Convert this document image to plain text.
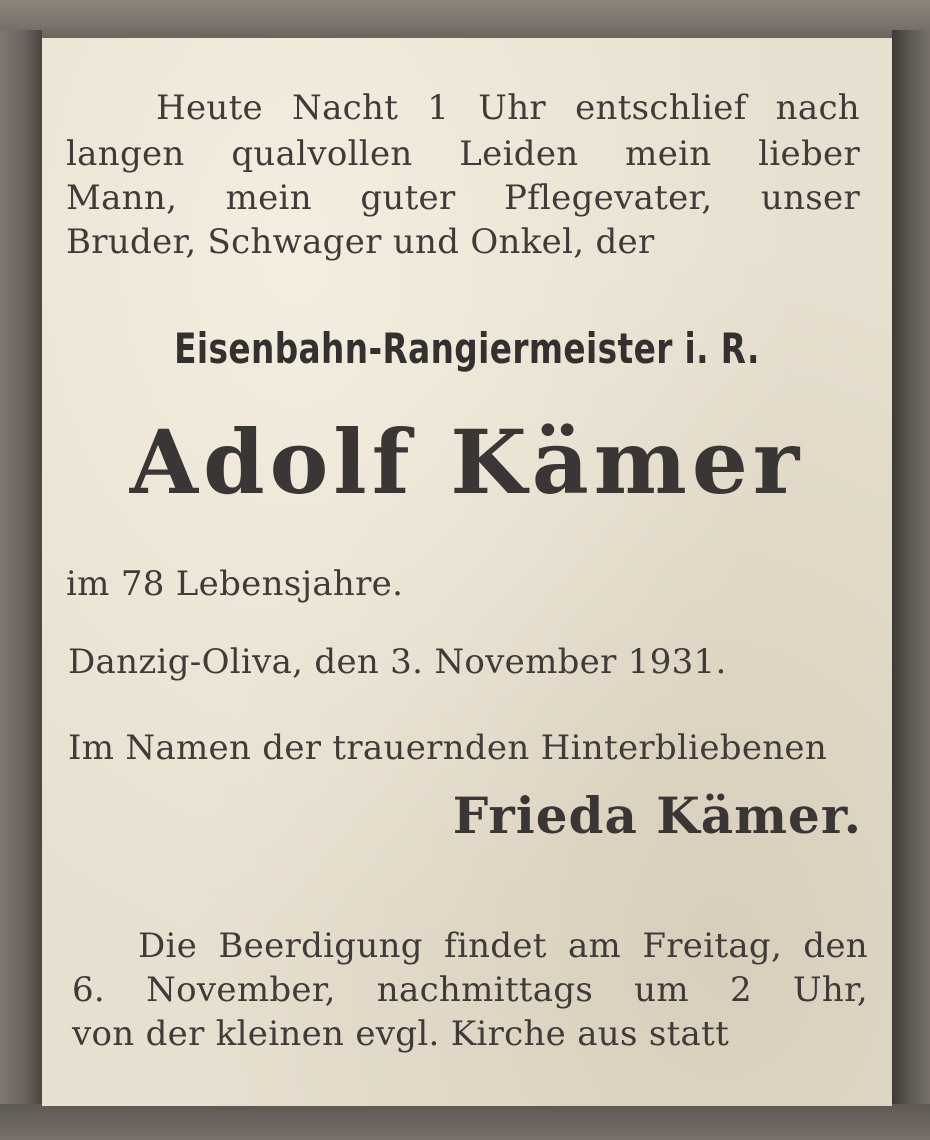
Heute Nacht 1 Uhr entschlief nach

langen qualvollen Leiden mein lieber

Mann, mein guter Pflegevater, unser

Bruder, Schwager und Onkel, der

Eisenbahn-Rangiermeister i. R.

Adolf Kämer

im 78 Lebensjahre.

Danzig-Oliva, den 3. November 1931.

Im Namen der trauernden Hinterbliebenen

Frieda Kämer.

Die Beerdigung findet am Freitag, den

6. November, nachmittags um 2 Uhr,

von der kleinen evgl. Kirche aus statt
